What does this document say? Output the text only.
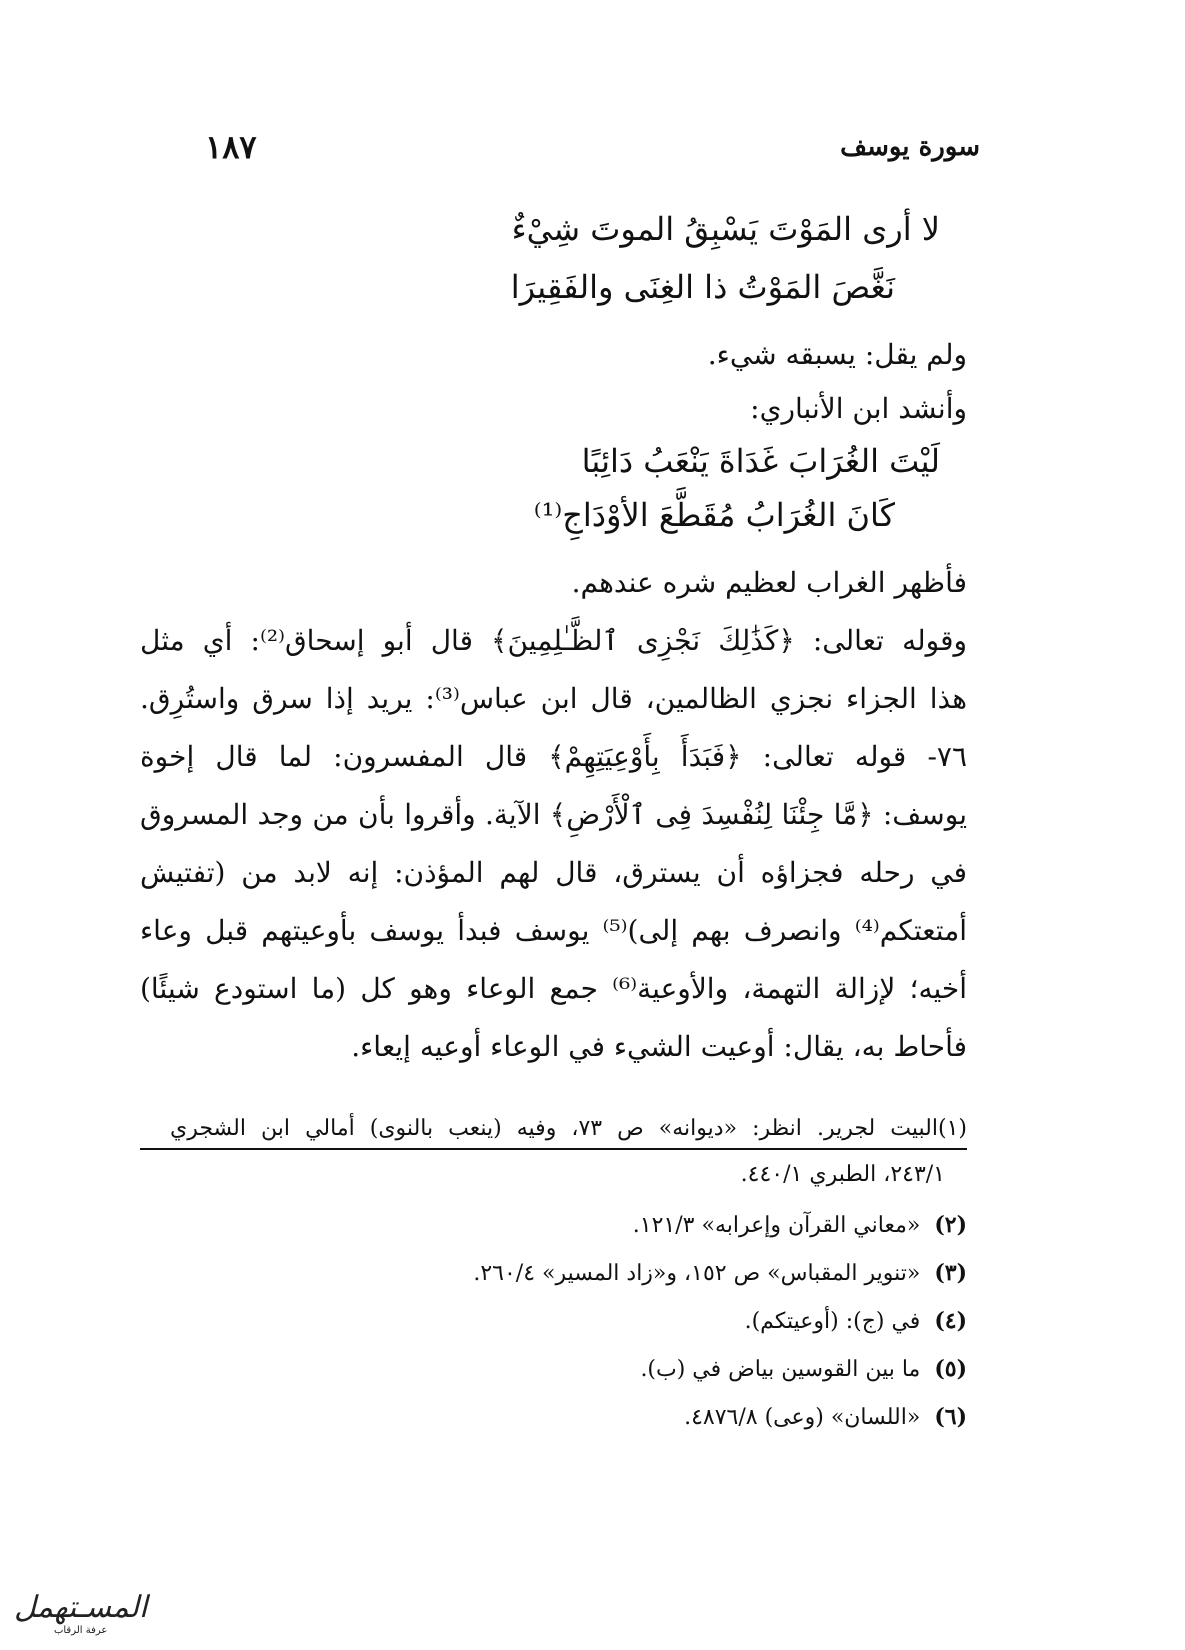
سورة يوسف
١٨٧
لا أرى المَوْتَ يَسْبِقُ الموتَ شِيْءٌ
نَغَّصَ المَوْتُ ذا الغِنَى والفَقِيرَا
ولم يقل: يسبقه شيء.
وأنشد ابن الأنباري:
لَيْتَ الغُرَابَ غَدَاةَ يَنْعَبُ دَائِبًا
كَانَ الغُرَابُ مُقَطَّعَ الأوْدَاجِ⁽¹⁾
فأظهر الغراب لعظيم شره عندهم.
وقوله تعالى: ﴿كَذَٰلِكَ نَجْزِى ٱلظَّـٰلِمِينَ﴾ قال أبو إسحاق⁽²⁾: أي مثل
هذا الجزاء نجزي الظالمين، قال ابن عباس⁽³⁾: يريد إذا سرق واستُرِق.
٧٦- قوله تعالى: ﴿فَبَدَأَ بِأَوْعِيَتِهِمْ﴾ قال المفسرون: لما قال إخوة
يوسف: ﴿مَّا جِئْنَا لِنُفْسِدَ فِى ٱلْأَرْضِ﴾ الآية. وأقروا بأن من وجد المسروق
في رحله فجزاؤه أن يسترق، قال لهم المؤذن: إنه لابد من (تفتيش
أمتعتكم⁽⁴⁾ وانصرف بهم إلى)⁽⁵⁾ يوسف فبدأ يوسف بأوعيتهم قبل وعاء
أخيه؛ لإزالة التهمة، والأوعية⁽⁶⁾ جمع الوعاء وهو كل (ما استودع شيئًا)
فأحاط به، يقال: أوعيت الشيء في الوعاء أوعيه إيعاء.
(١)البيت لجرير. انظر: «ديوانه» ص ٧٣، وفيه (ينعب بالنوى) أمالي ابن الشجري
٢٤٣/١، الطبري ٤٤٠/١.
(٢)«معاني القرآن وإعرابه» ١٢١/٣.
(٣)«تنوير المقباس» ص ١٥٢، و«زاد المسير» ٢٦٠/٤.
(٤)في (ج): (أوعيتكم).
(٥)ما بين القوسين بياض في (ب).
(٦)«اللسان» (وعى) ٤٨٧٦/٨.
المسـتهمل
عرفة الرقاب
